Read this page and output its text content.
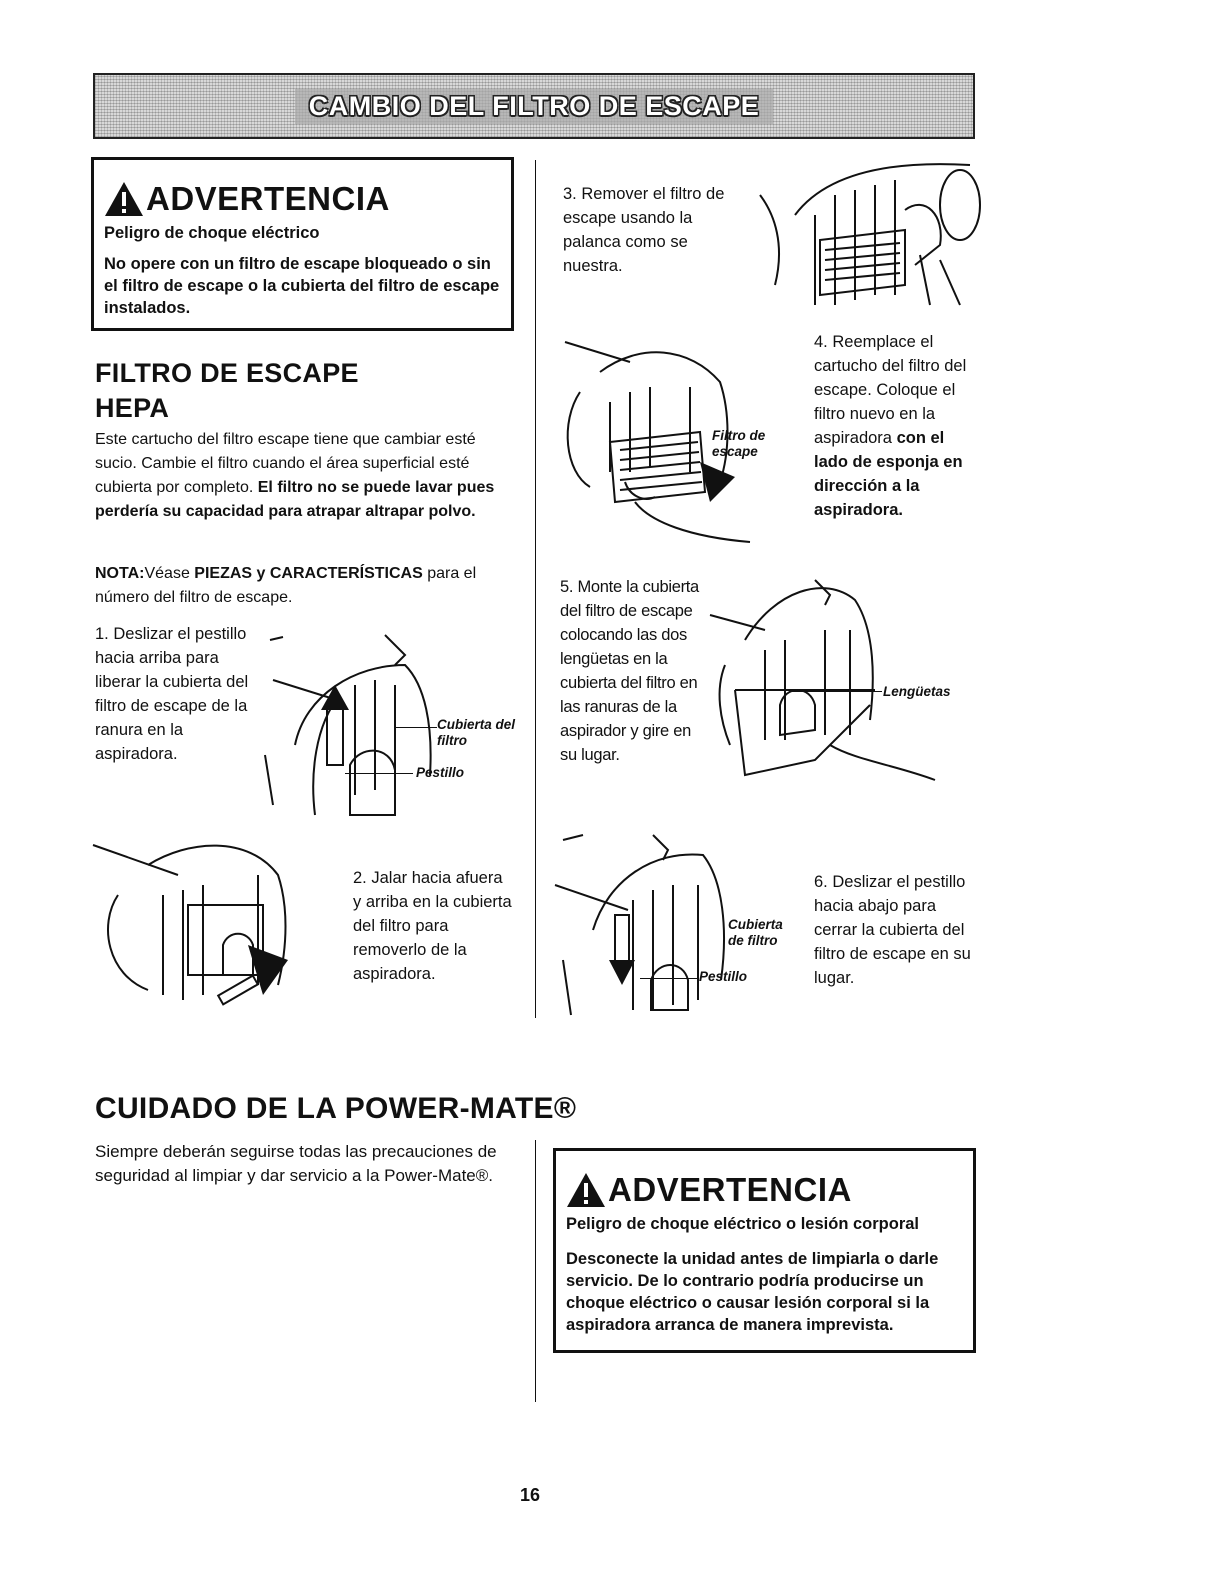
CAMBIO DEL FILTRO DE ESCAPE
ADVERTENCIA
Peligro de choque eléctrico
No opere con un filtro de escape bloqueado o sin el filtro de escape o la cubierta del filtro de escape instalados.
FILTRO DE ESCAPE
HEPA
Este cartucho del filtro escape tiene que cambiar esté sucio. Cambie el filtro cuando el área superficial esté cubierta por completo. El filtro no se puede lavar pues perdería su capacidad para atrapar altrapar polvo.
NOTA:Véase PIEZAS y CARACTERÍSTICAS para el número del filtro de escape.
1. Deslizar el pestillo hacia arriba para liberar la cubierta del filtro de escape de la ranura en la aspiradora.
Cubierta del filtro
Pestillo
2. Jalar hacia afuera y arriba en la cubierta del filtro para removerlo de la aspiradora.
3. Remover el filtro de escape usando la palanca como se nuestra.
Filtro de escape
4. Reemplace el cartucho del filtro del escape. Coloque el filtro nuevo en la aspiradora con el lado de esponja en dirección a la aspiradora.
5. Monte la cubierta del filtro de escape colocando las dos lengüetas en la cubierta del filtro en las ranuras de la aspirador y gire en su lugar.
Lengüetas
Cubierta de filtro
Pestillo
6. Deslizar el pestillo hacia abajo para cerrar la cubierta del filtro de escape en su lugar.
CUIDADO DE LA POWER-MATE®
Siempre deberán seguirse todas las precauciones de seguridad al limpiar y dar servicio a la Power-Mate®.	ADVERTENCIA
Peligro de choque eléctrico o lesión corporal
Desconecte la unidad antes de limpiarla o darle servicio. De lo contrario podría producirse un choque eléctrico o causar lesión corporal si la aspiradora arranca de manera imprevista.
16
